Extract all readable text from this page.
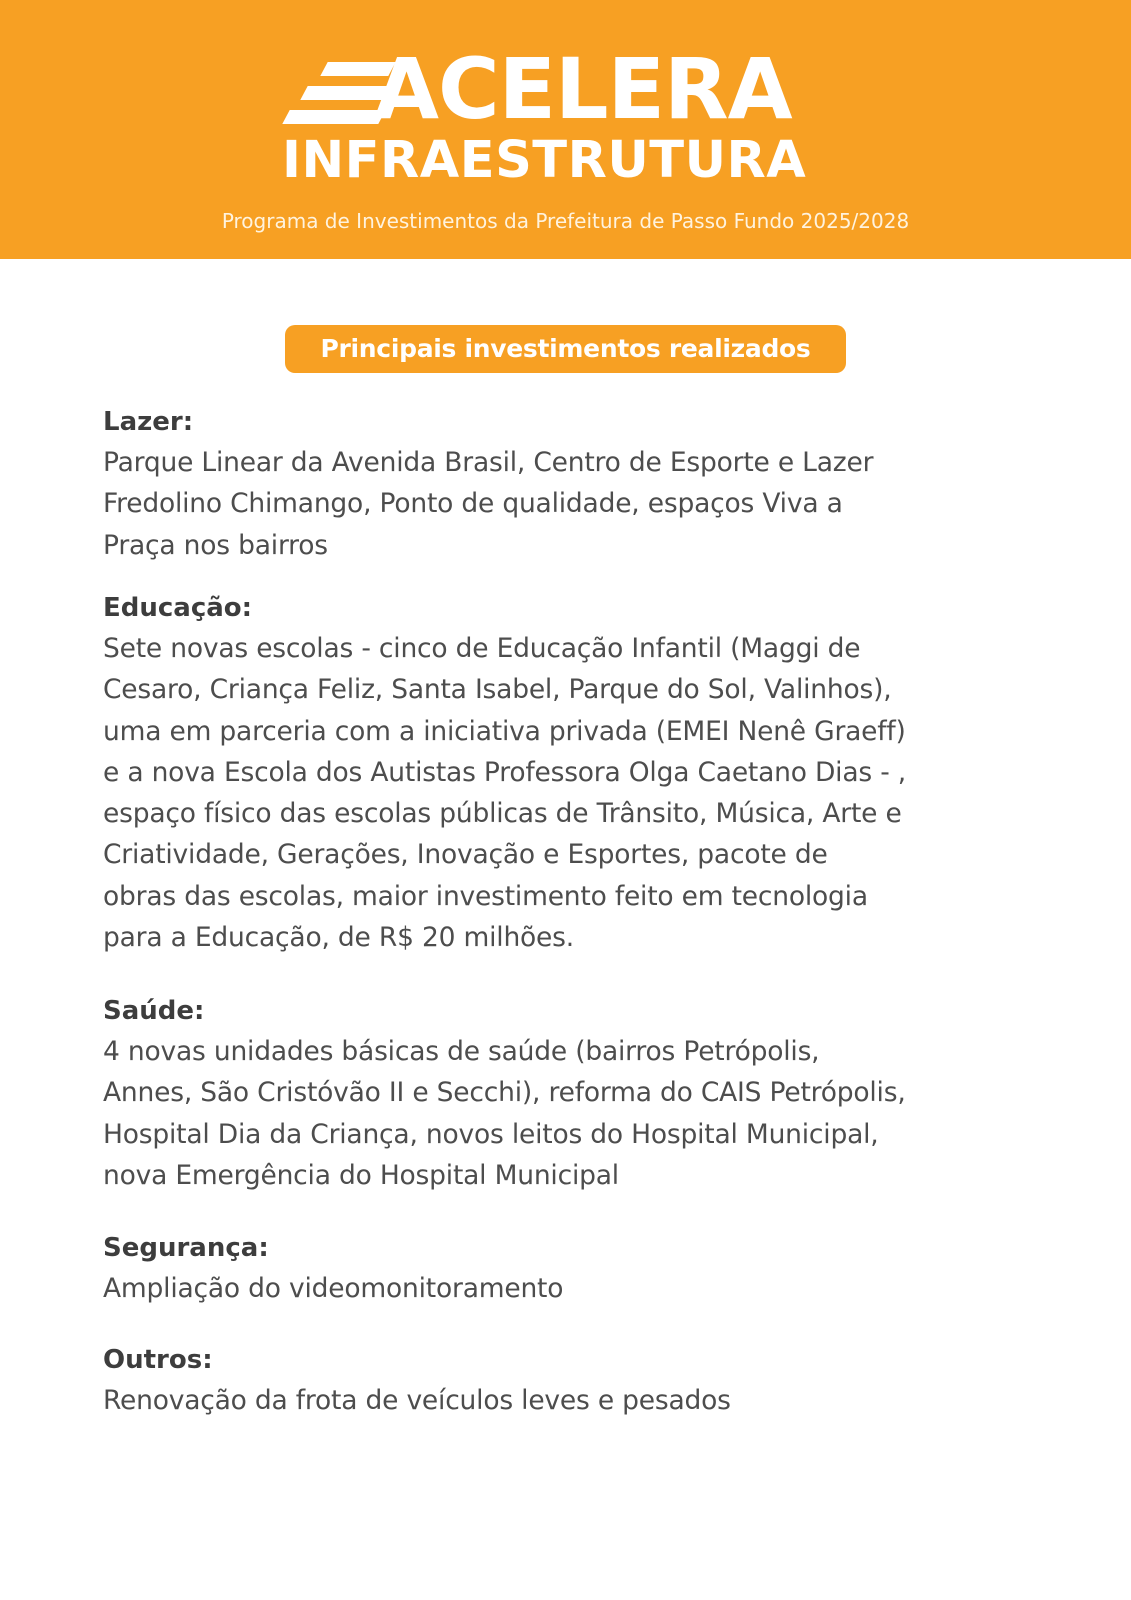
ACELERA
INFRAESTRUTURA
Programa de Investimentos da Prefeitura de Passo Fundo 2025/2028
Principais investimentos realizados
Lazer:

Parque Linear da Avenida Brasil, Centro de Esporte e Lazer

Fredolino Chimango, Ponto de qualidade, espaços Viva a

Praça nos bairros

Educação:

Sete novas escolas - cinco de Educação Infantil (Maggi de

Cesaro, Criança Feliz, Santa Isabel, Parque do Sol, Valinhos),

uma em parceria com a iniciativa privada (EMEI Nenê Graeff)

e a nova Escola dos Autistas Professora Olga Caetano Dias - ,

espaço físico das escolas públicas de Trânsito, Música, Arte e

Criatividade, Gerações, Inovação e Esportes, pacote de

obras das escolas, maior investimento feito em tecnologia

para a Educação, de R$ 20 milhões.

Saúde:

4 novas unidades básicas de saúde (bairros Petrópolis,

Annes, São Cristóvão II e Secchi), reforma do CAIS Petrópolis,

Hospital Dia da Criança, novos leitos do Hospital Municipal,

nova Emergência do Hospital Municipal

Segurança:

Ampliação do videomonitoramento

Outros:

Renovação da frota de veículos leves e pesados
